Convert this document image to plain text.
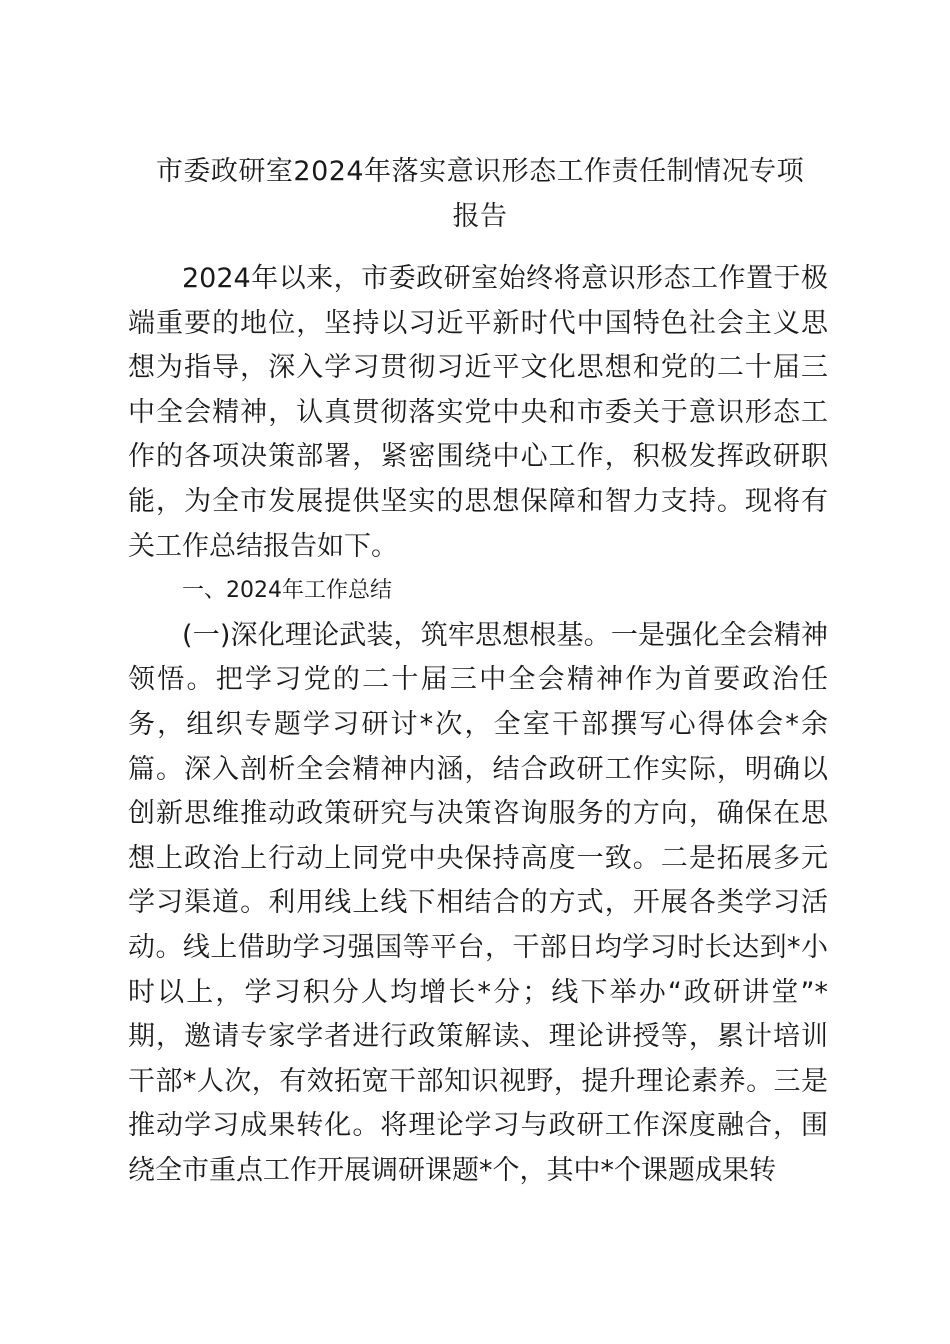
市委政研室2024年落实意识形态工作责任制情况专项
报告

2024年以来，市委政研室始终将意识形态工作置于极端重要的地位，坚持以习近平新时代中国特色社会主义思想为指导，深入学习贯彻习近平文化思想和党的二十届三中全会精神，认真贯彻落实党中央和市委关于意识形态工作的各项决策部署，紧密围绕中心工作，积极发挥政研职能，为全市发展提供坚实的思想保障和智力支持。现将有关工作总结报告如下。

一、2024年工作总结

(一)深化理论武装，筑牢思想根基。一是强化全会精神领悟。把学习党的二十届三中全会精神作为首要政治任务，组织专题学习研讨*次，全室干部撰写心得体会*余篇。深入剖析全会精神内涵，结合政研工作实际，明确以创新思维推动政策研究与决策咨询服务的方向，确保在思想上政治上行动上同党中央保持高度一致。二是拓展多元学习渠道。利用线上线下相结合的方式，开展各类学习活动。线上借助学习强国等平台，干部日均学习时长达到*小时以上，学习积分人均增长*分；线下举办“政研讲堂”*期，邀请专家学者进行政策解读、理论讲授等，累计培训干部*人次，有效拓宽干部知识视野，提升理论素养。三是推动学习成果转化。将理论学习与政研工作深度融合，围绕全市重点工作开展调研课题*个，其中*个课题成果转
